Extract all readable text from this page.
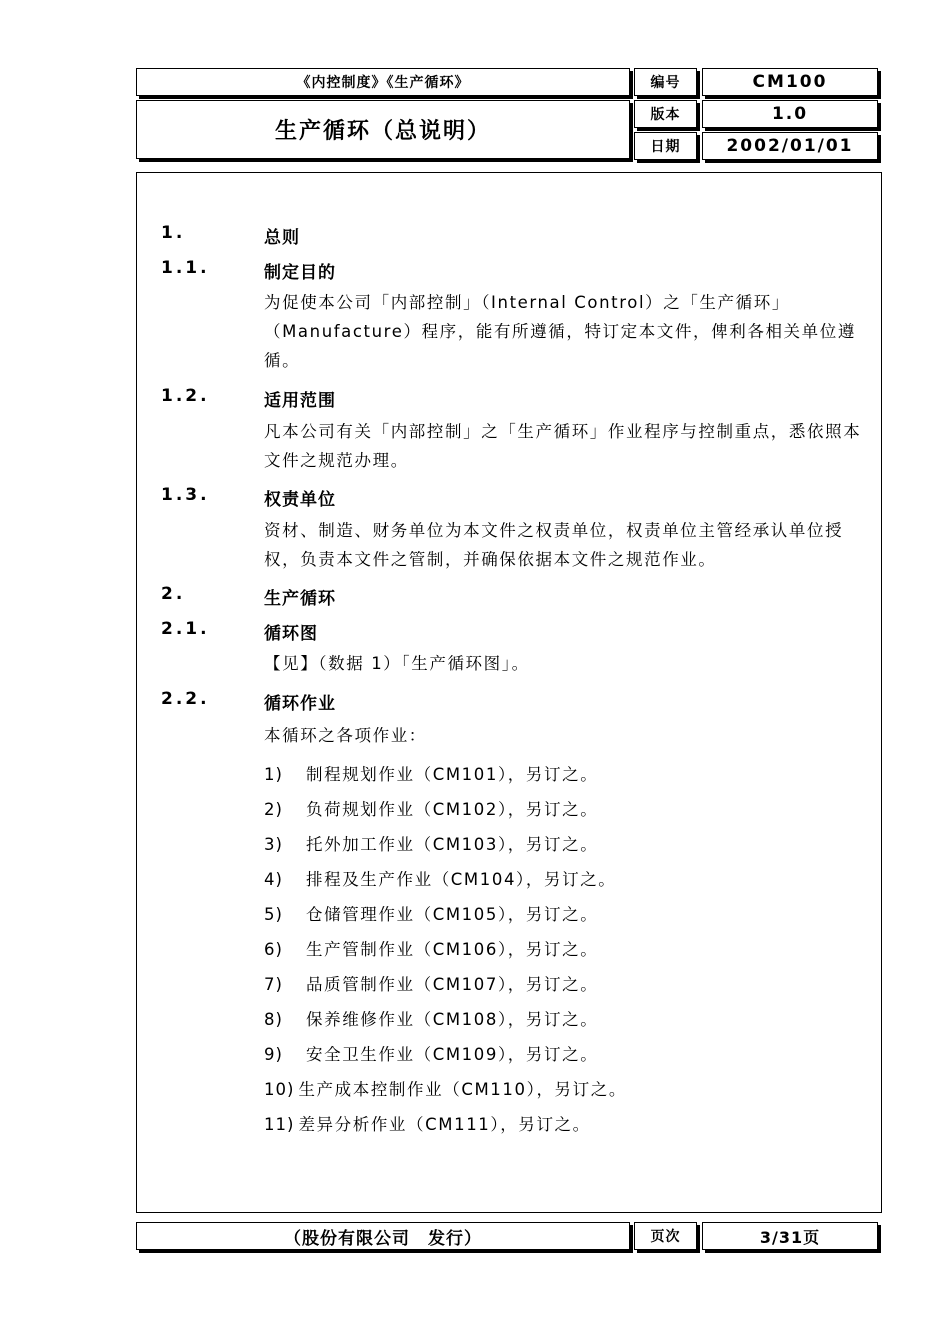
《内控制度》《生产循环》
生产循环（总说明）
编号	CM100
版本	1.0
日期	2002/01/01
1.	总则
1.1.	制定目的
为促使本公司「内部控制」（Internal Control）之「生产循环」（Manufacture）程序，能有所遵循，特订定本文件，俾利各相关单位遵循。
1.2.	适用范围
凡本公司有关「内部控制」之「生产循环」作业程序与控制重点，悉依照本文件之规范办理。
1.3.	权责单位
资材、制造、财务单位为本文件之权责单位，权责单位主管经承认单位授权，负责本文件之管制，并确保依据本文件之规范作业。
2.	生产循环
2.1.	循环图
【见】（数据 1）「生产循环图」。
2.2.	循环作业
本循环之各项作业：
1) 制程规划作业（CM101），另订之。
2) 负荷规划作业（CM102），另订之。
3) 托外加工作业（CM103），另订之。
4) 排程及生产作业（CM104），另订之。
5) 仓储管理作业（CM105），另订之。
6) 生产管制作业（CM106），另订之。
7) 品质管制作业（CM107），另订之。
8) 保养维修作业（CM108），另订之。
9) 安全卫生作业（CM109），另订之。
10) 生产成本控制作业（CM110），另订之。
11) 差异分析作业（CM111），另订之。
（股份有限公司　发行）	页次	3/31页
